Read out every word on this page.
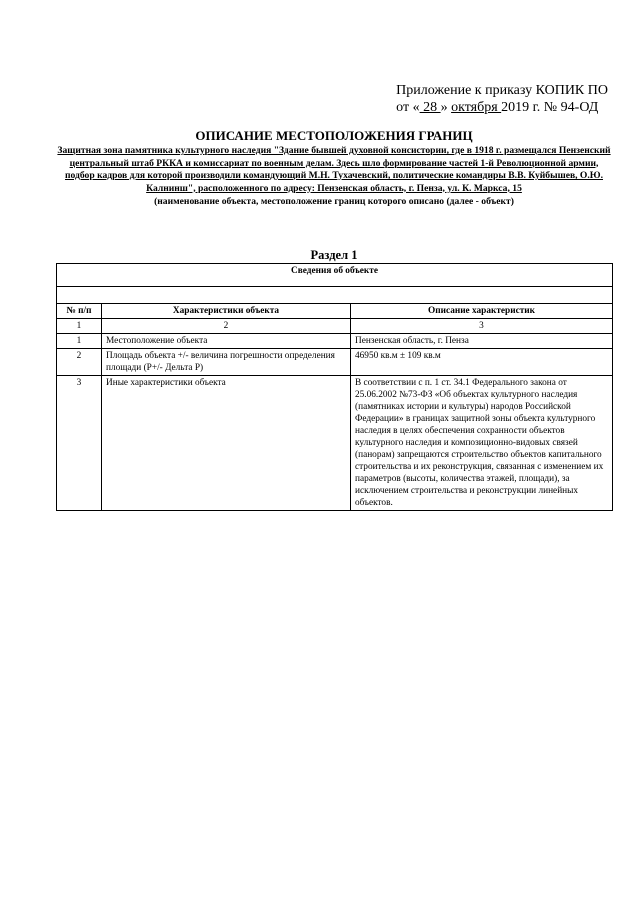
Приложение к приказу КОПИК ПО
от « 28 » октября 2019 г. № 94-ОД
ОПИСАНИЕ МЕСТОПОЛОЖЕНИЯ ГРАНИЦ
Защитная зона памятника культурного наследия "Здание бывшей духовной консистории, где в 1918 г. размещался Пензенский центральный штаб РККА и комиссариат по военным делам. Здесь шло формирование частей 1-й Революционной армии, подбор кадров для которой производили командующий М.Н. Тухачевский, политические командиры В.В. Куйбышев, О.Ю. Калнинш", расположенного по адресу: Пензенская область, г. Пенза, ул. К. Маркса, 15
(наименование объекта, местоположение границ которого описано (далее - объект)
Раздел 1
Сведения об объекте		

№ п/п	Характеристики объекта	Описание характеристик
1	2	3
1	Местоположение объекта	Пензенская область, г. Пенза
2	Площадь объекта +/- величина погрешности определения площади (Р+/- Дельта Р)	46950 кв.м ± 109 кв.м
3	Иные характеристики объекта	В соответствии с п. 1 ст. 34.1 Федерального закона от 25.06.2002 №73-ФЗ «Об объектах культурного наследия (памятниках истории и культуры) народов Российской Федерации» в границах защитной зоны объекта культурного наследия в целях обеспечения сохранности объектов культурного наследия и композиционно-видовых связей (панорам) запрещаются строительство объектов капитального строительства и их реконструкция, связанная с изменением их параметров (высоты, количества этажей, площади), за исключением строительства и реконструкции линейных объектов.
